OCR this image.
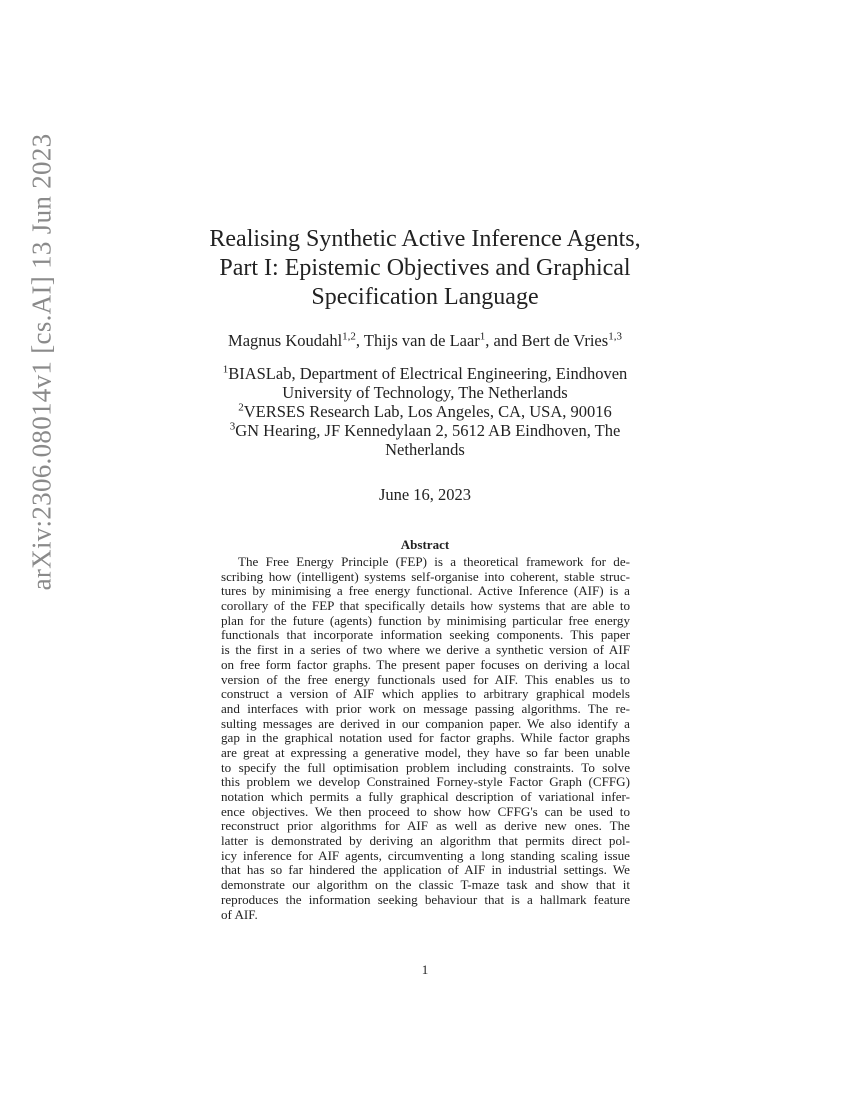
arXiv:2306.08014v1 [cs.AI] 13 Jun 2023	Realising Synthetic Active Inference Agents,
Part I: Epistemic Objectives and Graphical
Specification Language
Magnus Koudahl$^{1,2}$, Thijs van de Laar$^1$, and Bert de Vries$^{1,3}$
$^1$BIASLab, Department of Electrical Engineering, Eindhoven
University of Technology, The Netherlands
$^2$VERSES Research Lab, Los Angeles, CA, USA, 90016
$^3$GN Hearing, JF Kennedylaan 2, 5612 AB Eindhoven, The
Netherlands
June 16, 2023
Abstract
The Free Energy Principle (FEP) is a theoretical framework for de-
scribing how (intelligent) systems self-organise into coherent, stable struc-
tures by minimising a free energy functional. Active Inference (AIF) is a
corollary of the FEP that specifically details how systems that are able to
plan for the future (agents) function by minimising particular free energy
functionals that incorporate information seeking components. This paper
is the first in a series of two where we derive a synthetic version of AIF
on free form factor graphs. The present paper focuses on deriving a local
version of the free energy functionals used for AIF. This enables us to
construct a version of AIF which applies to arbitrary graphical models
and interfaces with prior work on message passing algorithms. The re-
sulting messages are derived in our companion paper. We also identify a
gap in the graphical notation used for factor graphs. While factor graphs
are great at expressing a generative model, they have so far been unable
to specify the full optimisation problem including constraints. To solve
this problem we develop Constrained Forney-style Factor Graph (CFFG)
notation which permits a fully graphical description of variational infer-
ence objectives. We then proceed to show how CFFG's can be used to
reconstruct prior algorithms for AIF as well as derive new ones. The
latter is demonstrated by deriving an algorithm that permits direct pol-
icy inference for AIF agents, circumventing a long standing scaling issue
that has so far hindered the application of AIF in industrial settings. We
demonstrate our algorithm on the classic T-maze task and show that it
reproduces the information seeking behaviour that is a hallmark feature
of AIF.
1
